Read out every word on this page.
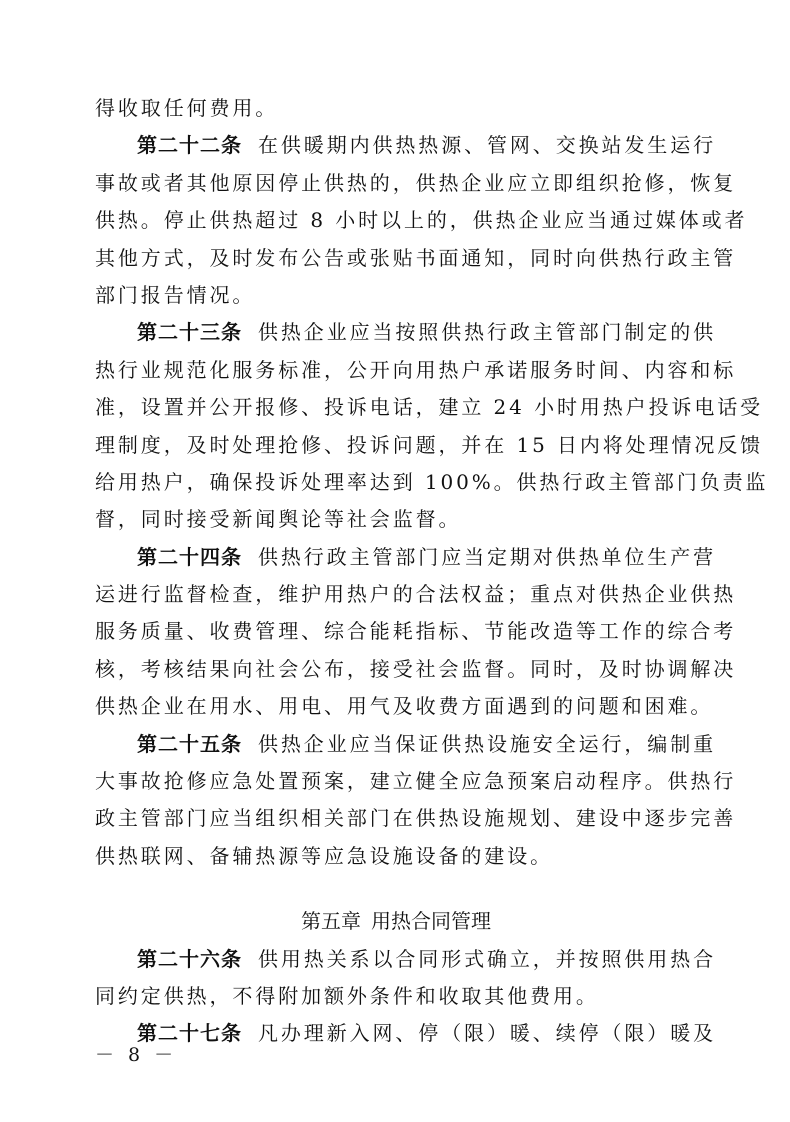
得收取任何费用。
第二十二条 在供暖期内供热热源、管网、交换站发生运行
事故或者其他原因停止供热的，供热企业应立即组织抢修，恢复
供热。停止供热超过 8 小时以上的，供热企业应当通过媒体或者
其他方式，及时发布公告或张贴书面通知，同时向供热行政主管
部门报告情况。
第二十三条 供热企业应当按照供热行政主管部门制定的供
热行业规范化服务标准，公开向用热户承诺服务时间、内容和标
准，设置并公开报修、投诉电话，建立 24 小时用热户投诉电话受
理制度，及时处理抢修、投诉问题，并在 15 日内将处理情况反馈
给用热户，确保投诉处理率达到 100%。供热行政主管部门负责监
督，同时接受新闻舆论等社会监督。
第二十四条 供热行政主管部门应当定期对供热单位生产营
运进行监督检查，维护用热户的合法权益；重点对供热企业供热
服务质量、收费管理、综合能耗指标、节能改造等工作的综合考
核，考核结果向社会公布，接受社会监督。同时，及时协调解决
供热企业在用水、用电、用气及收费方面遇到的问题和困难。
第二十五条 供热企业应当保证供热设施安全运行，编制重
大事故抢修应急处置预案，建立健全应急预案启动程序。供热行
政主管部门应当组织相关部门在供热设施规划、建设中逐步完善
供热联网、备辅热源等应急设施设备的建设。
第五章 用热合同管理
第二十六条 供用热关系以合同形式确立，并按照供用热合
同约定供热，不得附加额外条件和收取其他费用。
第二十七条 凡办理新入网、停（限）暖、续停（限）暖及
－ 8 －
